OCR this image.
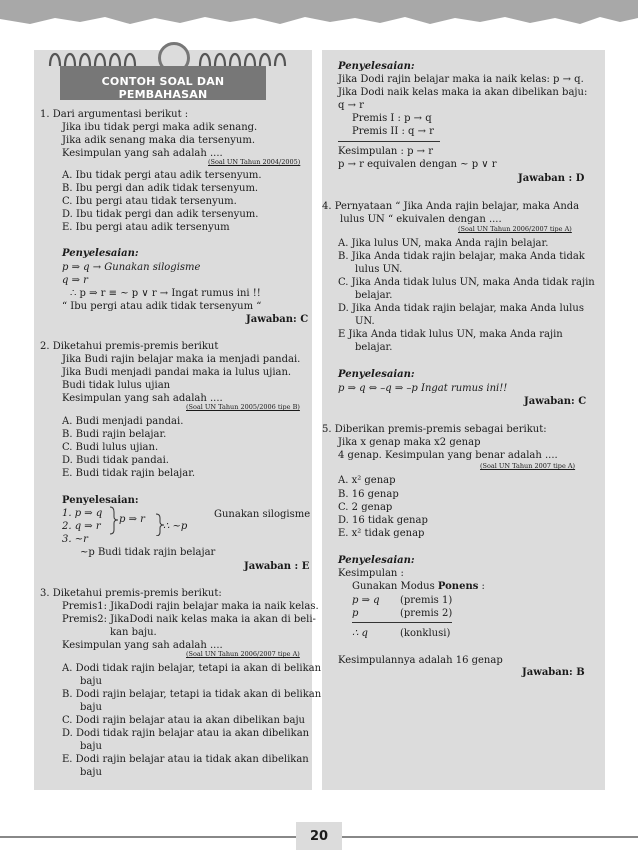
CONTOH SOAL DAN PEMBAHASAN
1. Dari argumentasi berikut :
Jika ibu tidak pergi maka adik senang.
Jika adik senang maka dia tersenyum.
Kesimpulan yang sah adalah ....
(Soal UN Tahun 2004/2005)
A. Ibu tidak pergi atau adik tersenyum.
B. Ibu pergi dan adik tidak tersenyum.
C. Ibu pergi atau tidak tersenyum.
D. Ibu tidak pergi dan adik tersenyum.
E. Ibu pergi atau adik tersenyum
Penyelesaian:
p ⇒ q → Gunakan silogisme
q ⇒ r
∴ p ⇒ r ≡ ~ p ∨ r → Ingat rumus ini !!
“ Ibu pergi atau adik tidak tersenyum “
Jawaban: C
2. Diketahui premis-premis berikut
Jika Budi rajin belajar maka ia menjadi pandai.
Jika Budi menjadi pandai maka ia lulus ujian.
Budi tidak lulus ujian
Kesimpulan yang sah adalah ....
(Soal UN Tahun 2005/2006 tipe B)
A. Budi menjadi pandai.
B. Budi rajin belajar.
C. Budi lulus ujian.
D. Budi tidak pandai.
E. Budi tidak rajin belajar.
Penyelesaian:
1. p ⇒ q
2. q ⇒ r
3. ~r
~p Budi tidak rajin belajar
p ⇒ r
∴ ~p
Gunakan silogisme
Jawaban : E
3. Diketahui premis-premis berikut:
Premis1: JikaDodi rajin belajar maka ia naik kelas.
Premis2: JikaDodi naik kelas maka ia akan di beli-
kan baju.
Kesimpulan yang sah adalah ....
(Soal UN Tahun 2006/2007 tipe A)
A. Dodi tidak rajin belajar, tetapi ia akan di belikan
baju
B. Dodi rajin belajar, tetapi ia tidak akan di belikan
baju
C. Dodi rajin belajar atau ia akan dibelikan baju
D. Dodi tidak rajin belajar atau ia akan dibelikan
baju
E. Dodi rajin belajar atau ia tidak akan dibelikan
baju
Penyelesaian:
Jika Dodi rajin belajar maka ia naik kelas: p → q.
Jika Dodi naik kelas maka ia akan dibelikan baju:
q → r
Premis I : p → q
Premis II : q → r
Kesimpulan : p → r
p → r equivalen dengan ~ p ∨ r
Jawaban : D
4. Pernyataan “ Jika Anda rajin belajar, maka Anda
lulus UN “ ekuivalen dengan ....
(Soal UN Tahun 2006/2007 tipe A)
A. Jika lulus UN, maka Anda rajin belajar.
B. Jika Anda tidak rajin belajar, maka Anda tidak
lulus UN.
C. Jika Anda tidak lulus UN, maka Anda tidak rajin
belajar.
D. Jika Anda tidak rajin belajar, maka Anda lulus
UN.
E Jika Anda tidak lulus UN, maka Anda rajin
belajar.
Penyelesaian:
p ⇒ q ⇔ –q ⇒ –p Ingat rumus ini!!
Jawaban: C
5. Diberikan premis-premis sebagai berikut:
Jika x genap maka x2 genap
4 genap. Kesimpulan yang benar adalah ....
(Soal UN Tahun 2007 tipe A)
A. x² genap
B. 16 genap
C. 2 genap
D. 16 tidak genap
E. x² tidak genap
Penyelesaian:
Kesimpulan :
Gunakan Modus Ponens :
p ⇒ q (premis 1)
p	(premis 2)
∴ q	(konklusi)
Kesimpulannya adalah 16 genap
Jawaban: B
20
